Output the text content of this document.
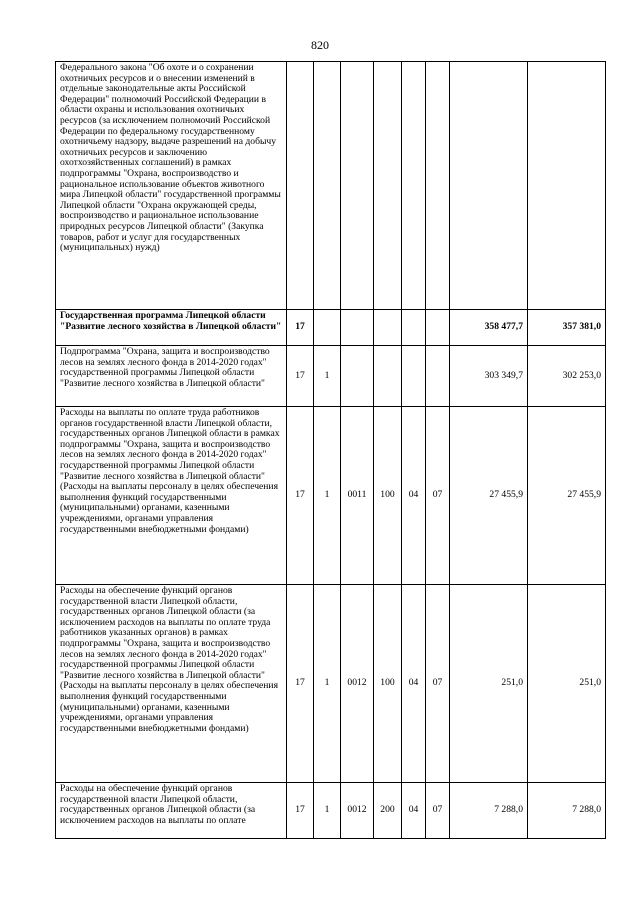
820
Федерального закона "Об охоте и о сохранении охотничьих ресурсов и о внесении изменений в отдельные законодательные акты Российской Федерации" полномочий Российской Федерации в области охраны и использования охотничьих ресурсов (за исключением полномочий Российской Федерации по федеральному государственному охотничьему надзору, выдаче разрешений на добычу охотничьих ресурсов и заключению охотхозяйственных соглашений) в рамках подпрограммы "Охрана, воспроизводство и рациональное использование объектов животного мира Липецкой области" государственной программы Липецкой области "Охрана окружающей среды, воспроизводство и рациональное использование природных ресурсов Липецкой области" (Закупка товаров, работ и услуг для государственных (муниципальных) нужд)								
Государственная программа Липецкой области "Развитие лесного хозяйства в Липецкой области"	17						358 477,7	357 381,0
Подпрограмма "Охрана, защита и воспроизводство лесов на землях лесного фонда в 2014-2020 годах" государственной программы Липецкой области "Развитие лесного хозяйства в Липецкой области"	17	1					303 349,7	302 253,0
Расходы на выплаты по оплате труда работников органов государственной власти Липецкой области, государственных органов Липецкой области в рамках подпрограммы "Охрана, защита и воспроизводство лесов на землях лесного фонда в 2014-2020 годах" государственной программы Липецкой области "Развитие лесного хозяйства в Липецкой области" (Расходы на выплаты персоналу в целях обеспечения выполнения функций государственными (муниципальными) органами, казенными учреждениями, органами управления государственными внебюджетными фондами)	17	1	0011	100	04	07	27 455,9	27 455,9
Расходы на обеспечение функций органов государственной власти Липецкой области, государственных органов Липецкой области (за исключением расходов на выплаты по оплате труда работников указанных органов) в рамках подпрограммы "Охрана, защита и воспроизводство лесов на землях лесного фонда в 2014-2020 годах" государственной программы Липецкой области "Развитие лесного хозяйства в Липецкой области" (Расходы на выплаты персоналу в целях обеспечения выполнения функций государственными (муниципальными) органами, казенными учреждениями, органами управления государственными внебюджетными фондами)	17	1	0012	100	04	07	251,0	251,0
Расходы на обеспечение функций органов государственной власти Липецкой области, государственных органов Липецкой области (за исключением расходов на выплаты по оплате	17	1	0012	200	04	07	7 288,0	7 288,0
